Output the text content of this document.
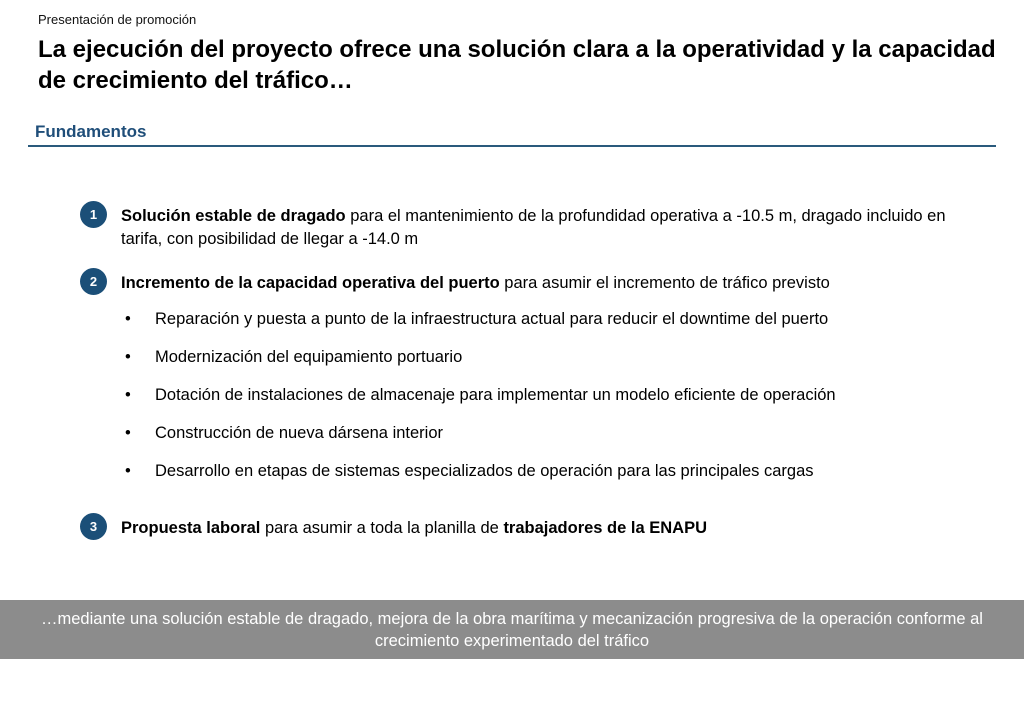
Presentación de promoción
La ejecución del proyecto ofrece una solución clara a la operatividad y la capacidad de crecimiento del tráfico…
Fundamentos
1	Solución estable de dragado para el mantenimiento de la profundidad operativa a -10.5 m, dragado incluido en tarifa, con posibilidad de llegar a -14.0 m
2	Incremento de la capacidad operativa del puerto para asumir el incremento de tráfico previsto
•	Reparación y puesta a punto de la infraestructura actual para reducir el downtime del puerto
•	Modernización del equipamiento portuario
•	Dotación de instalaciones de almacenaje para implementar un modelo eficiente de operación
•	Construcción de nueva dársena interior
•	Desarrollo en etapas de sistemas especializados de operación para las principales cargas
3	Propuesta laboral para asumir a toda la planilla de trabajadores de la ENAPU
…mediante una solución estable de dragado, mejora de la obra marítima y mecanización progresiva de la operación conforme al crecimiento experimentado del tráfico
